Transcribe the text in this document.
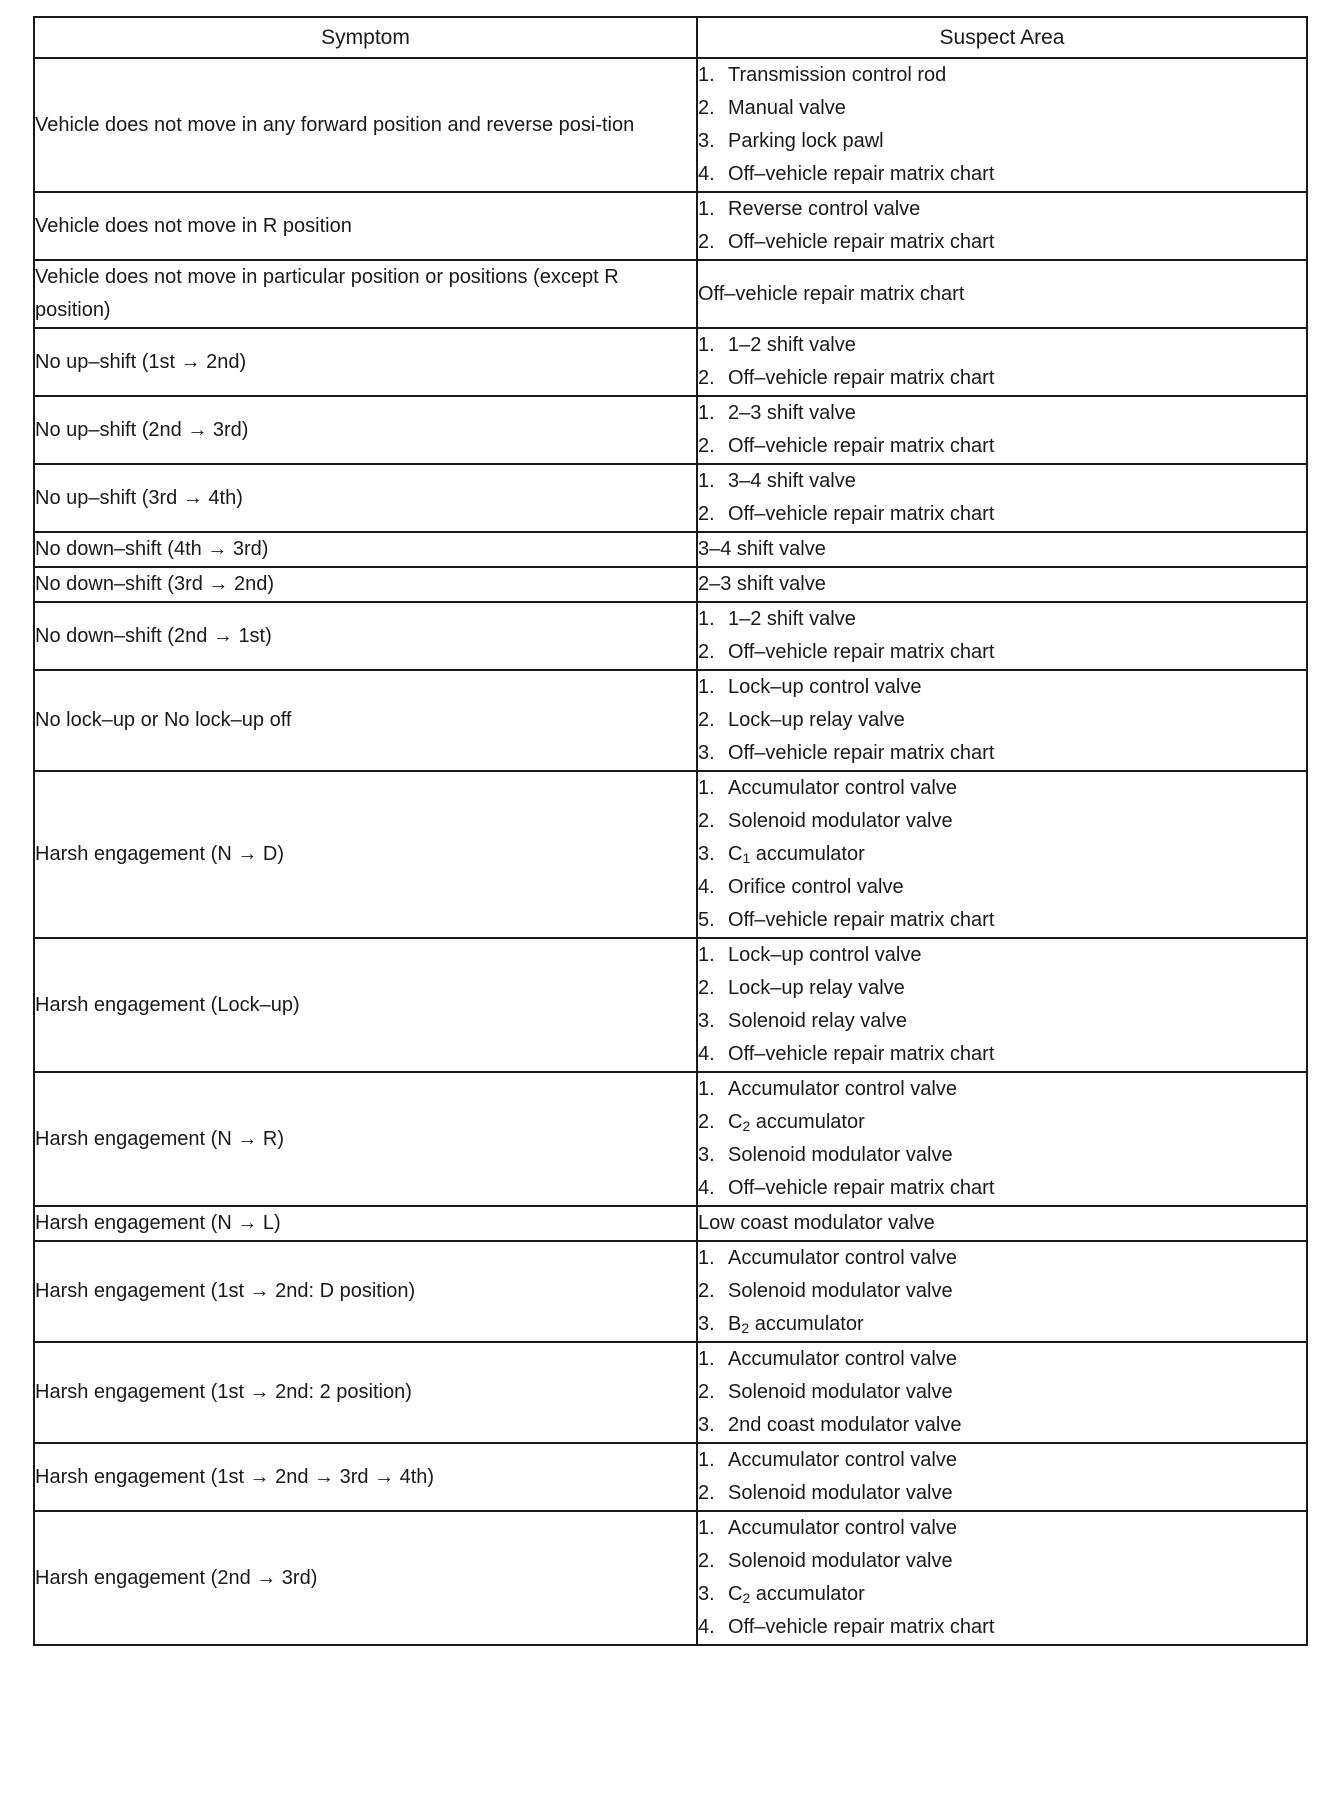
Symptom	Suspect Area
Vehicle does not move in any forward position and reverse posi-tion	1. Transmission control rod
2. Manual valve
3. Parking lock pawl
4. Off–vehicle repair matrix chart

Vehicle does not move in R position	1. Reverse control valve
2. Off–vehicle repair matrix chart

Vehicle does not move in particular position or positions (except R position)	Off–vehicle repair matrix chart

No up–shift (1st → 2nd)	1. 1–2 shift valve
2. Off–vehicle repair matrix chart

No up–shift (2nd → 3rd)	1. 2–3 shift valve
2. Off–vehicle repair matrix chart

No up–shift (3rd → 4th)	1. 3–4 shift valve
2. Off–vehicle repair matrix chart

No down–shift (4th → 3rd)	3–4 shift valve

No down–shift (3rd → 2nd)	2–3 shift valve

No down–shift (2nd → 1st)	1. 1–2 shift valve
2. Off–vehicle repair matrix chart

No lock–up or No lock–up off	1. Lock–up control valve
2. Lock–up relay valve
3. Off–vehicle repair matrix chart

Harsh engagement (N → D)	1. Accumulator control valve
2. Solenoid modulator valve
3. $C_1$ accumulator
4. Orifice control valve
5. Off–vehicle repair matrix chart

Harsh engagement (Lock–up)	1. Lock–up control valve
2. Lock–up relay valve
3. Solenoid relay valve
4. Off–vehicle repair matrix chart

Harsh engagement (N → R)	1. Accumulator control valve
2. $C_2$ accumulator
3. Solenoid modulator valve
4. Off–vehicle repair matrix chart

Harsh engagement (N → L)	Low coast modulator valve

Harsh engagement (1st → 2nd: D position)	1. Accumulator control valve
2. Solenoid modulator valve
3. $B_2$ accumulator

Harsh engagement (1st → 2nd: 2 position)	1. Accumulator control valve
2. Solenoid modulator valve
3. 2nd coast modulator valve

Harsh engagement (1st → 2nd → 3rd → 4th)	1. Accumulator control valve
2. Solenoid modulator valve

Harsh engagement (2nd → 3rd)	1. Accumulator control valve
2. Solenoid modulator valve
3. $C_2$ accumulator
4. Off–vehicle repair matrix chart
